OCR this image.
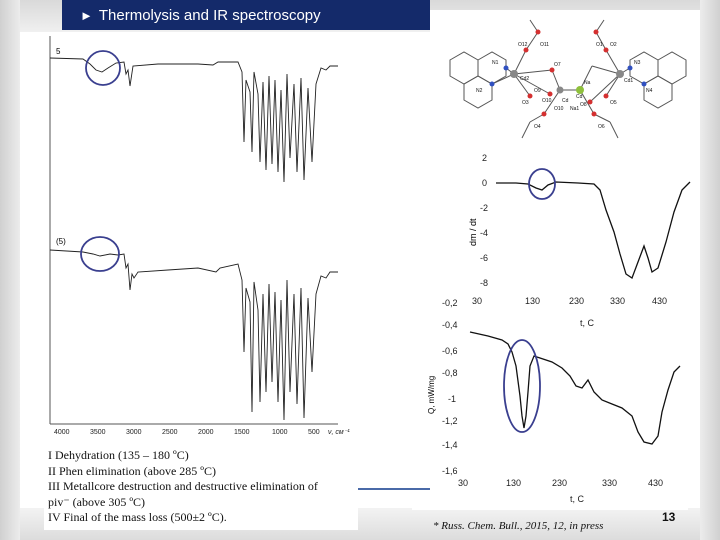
► Thermolysis and IR spectroscopy
5
(5)
4000	3500	3000	2500	2000	1500	1000	500 ν, см⁻¹
O12	O11	O1 O2
N1
N2
N3
N4
Cd2	Cd1
O3
O4
O5
O6
O7
O8
O9
O10 Cd
Cd
Na
Na1
O10
dm / dt
2
0
-2
-4
-6
-8
30	130	230	330	430
t, C
Q, mW/mg
-0,2
-0,4
-0,6
-0,8
-1
-1,2
-1,4
-1,6
30	130	230	330	430
t, C
I Dehydration (135 – 180 ºC)
II Phen elimination (above 285 ºC)
III Metallcore destruction and destructive elimination of
piv⁻ (above 305 ºC)
IV Final of the mass loss (500±2 ºC).
* Russ. Chem. Bull., 2015, 12, in press
13
